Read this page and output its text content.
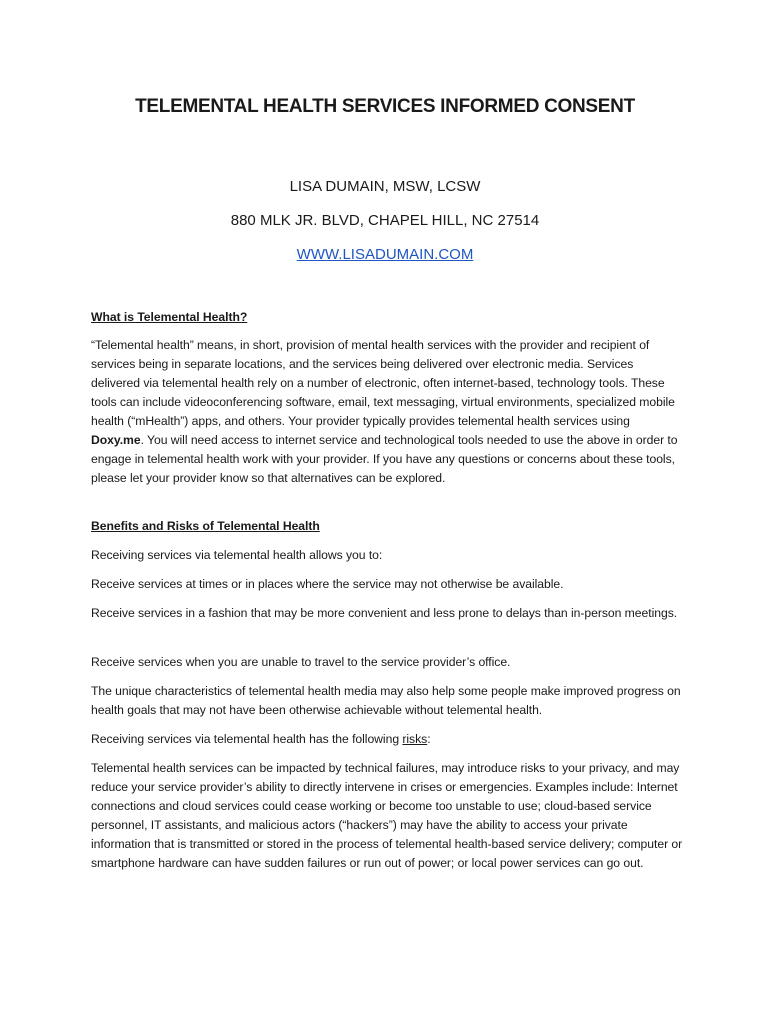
TELEMENTAL HEALTH SERVICES INFORMED CONSENT

LISA DUMAIN, MSW, LCSW

880 MLK JR. BLVD, CHAPEL HILL, NC 27514

WWW.LISADUMAIN.COM

What is Telemental Health?

“Telemental health” means, in short, provision of mental health services with the provider and recipient of services being in separate locations, and the services being delivered over electronic media. Services delivered via telemental health rely on a number of electronic, often internet-based, technology tools. These tools can include videoconferencing software, email, text messaging, virtual environments, specialized mobile health (“mHealth”) apps, and others. Your provider typically provides telemental health services using Doxy.me. You will need access to internet service and technological tools needed to use the above in order to engage in telemental health work with your provider. If you have any questions or concerns about these tools, please let your provider know so that alternatives can be explored.

Benefits and Risks of Telemental Health

Receiving services via telemental health allows you to:

Receive services at times or in places where the service may not otherwise be available.

Receive services in a fashion that may be more convenient and less prone to delays than in-person meetings.

Receive services when you are unable to travel to the service provider’s office.

The unique characteristics of telemental health media may also help some people make improved progress on health goals that may not have been otherwise achievable without telemental health.

Receiving services via telemental health has the following risks:

Telemental health services can be impacted by technical failures, may introduce risks to your privacy, and may reduce your service provider’s ability to directly intervene in crises or emergencies. Examples include: Internet connections and cloud services could cease working or become too unstable to use; cloud-based service personnel, IT assistants, and malicious actors (“hackers”) may have the ability to access your private information that is transmitted or stored in the process of telemental health-based service delivery; computer or smartphone hardware can have sudden failures or run out of power; or local power services can go out.
